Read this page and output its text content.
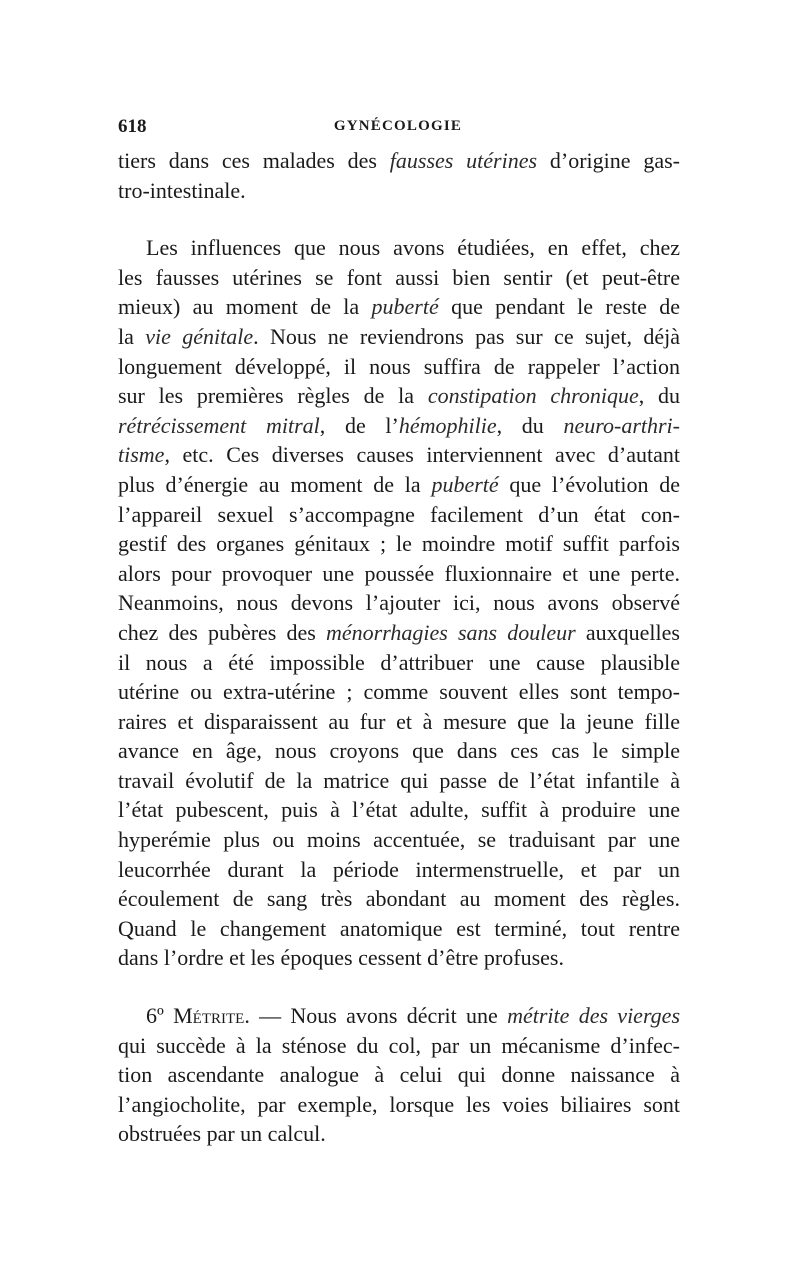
618	GYNÉCOLOGIE
tiers dans ces malades des fausses utérines d’origine gas-
tro-intestinale.
Les influences que nous avons étudiées, en effet, chez
les fausses utérines se font aussi bien sentir (et peut-être
mieux) au moment de la puberté que pendant le reste de
la vie génitale. Nous ne reviendrons pas sur ce sujet, déjà
longuement développé, il nous suffira de rappeler l’action
sur les premières règles de la constipation chronique, du
rétrécissement mitral, de l’hémophilie, du neuro-arthri-
tisme, etc. Ces diverses causes interviennent avec d’autant
plus d’énergie au moment de la puberté que l’évolution de
l’appareil sexuel s’accompagne facilement d’un état con-
gestif des organes génitaux ; le moindre motif suffit parfois
alors pour provoquer une poussée fluxionnaire et une perte.
Neanmoins, nous devons l’ajouter ici, nous avons observé
chez des pubères des ménorrhagies sans douleur auxquelles
il nous a été impossible d’attribuer une cause plausible
utérine ou extra-utérine ; comme souvent elles sont tempo-
raires et disparaissent au fur et à mesure que la jeune fille
avance en âge, nous croyons que dans ces cas le simple
travail évolutif de la matrice qui passe de l’état infantile à
l’état pubescent, puis à l’état adulte, suffit à produire une
hyperémie plus ou moins accentuée, se traduisant par une
leucorrhée durant la période intermenstruelle, et par un
écoulement de sang très abondant au moment des règles.
Quand le changement anatomique est terminé, tout rentre
dans l’ordre et les époques cessent d’être profuses.
6º Métrite. — Nous avons décrit une métrite des vierges
qui succède à la sténose du col, par un mécanisme d’infec-
tion ascendante analogue à celui qui donne naissance à
l’angiocholite, par exemple, lorsque les voies biliaires sont
obstruées par un calcul.
